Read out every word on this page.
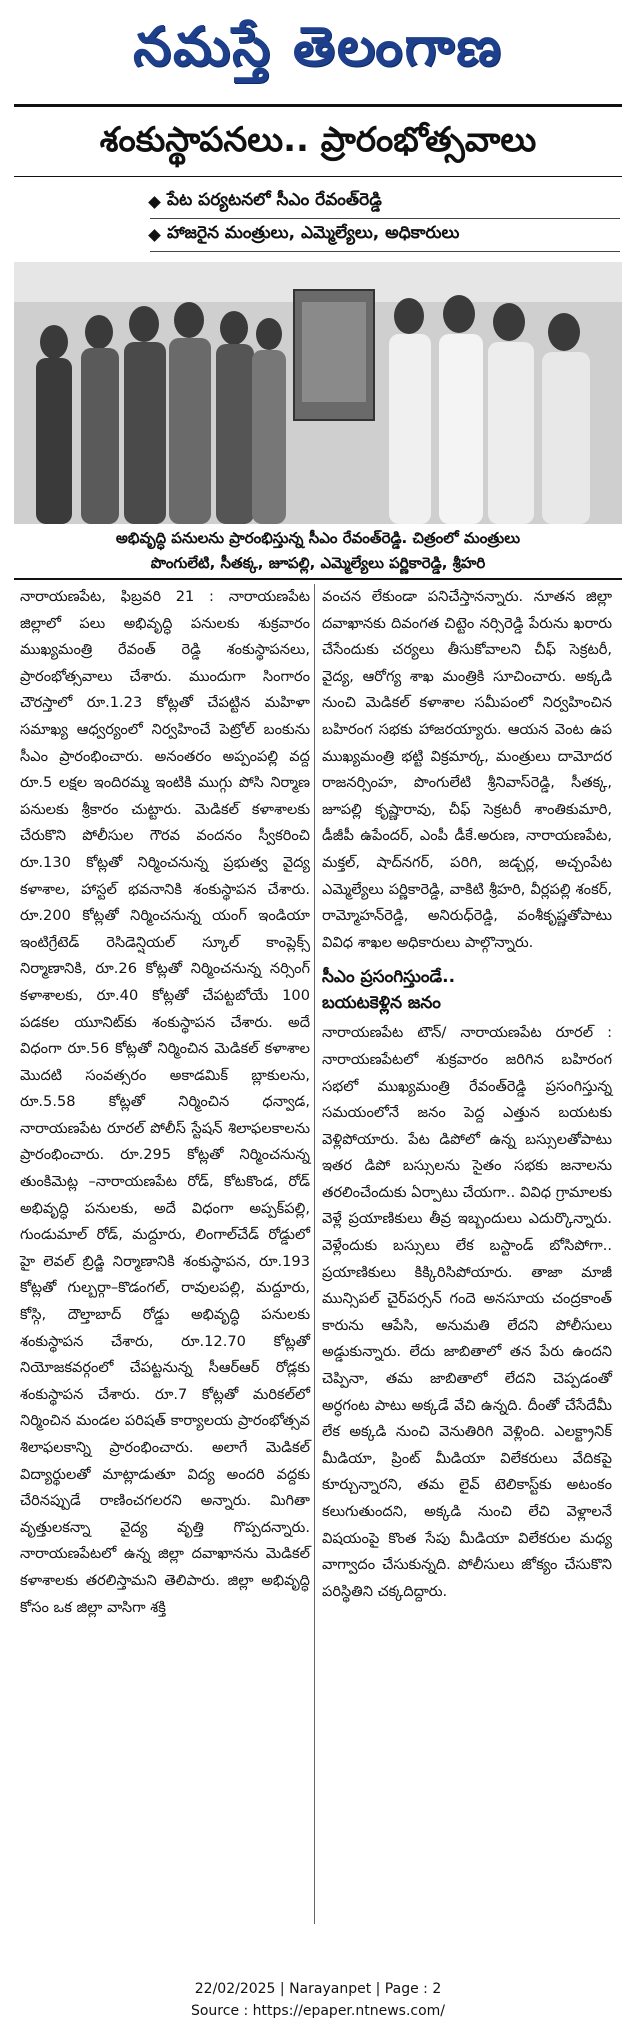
నమస్తే తెలంగాణ
శంకుస్థాపనలు.. ప్రారంభోత్సవాలు
పేట పర్యటనలో సీఎం రేవంత్‌రెడ్డి
హాజరైన మంత్రులు, ఎమ్మెల్యేలు, అధికారులు
అభివృద్ధి పనులను ప్రారంభిస్తున్న సీఎం రేవంత్‌రెడ్డి. చిత్రంలో మంత్రులు
పొంగులేటి, సీతక్క, జూపల్లి, ఎమ్మెల్యేలు పర్ణికారెడ్డి, శ్రీహరి

నారాయణపేట, ఫిబ్రవరి 21 : నారాయణపేట జిల్లాలో పలు అభివృద్ధి పనులకు శుక్రవారం ముఖ్యమంత్రి రేవంత్ రెడ్డి శంకుస్థాపనలు, ప్రారంభోత్సవాలు చేశారు. ముందుగా సింగారం చౌరస్తాలో రూ.1.23 కోట్లతో చేపట్టిన మహిళా సమాఖ్య ఆధ్వర్యంలో నిర్వహించే పెట్రోల్ బంకును సీఎం ప్రారంభించారు. అనంతరం అప్పంపల్లి వద్ద రూ.5 లక్షల ఇందిరమ్మ ఇంటికి ముగ్గు పోసి నిర్మాణ పనులకు శ్రీకారం చుట్టారు. మెడికల్ కళాశాలకు చేరుకొని పోలీసుల గౌరవ వందనం స్వీకరించి రూ.130 కోట్లతో నిర్మించనున్న ప్రభుత్వ వైద్య కళాశాల, హాస్టల్ భవనానికి శంకుస్థాపన చేశారు. రూ.200 కోట్లతో నిర్మించనున్న యంగ్ ఇండియా ఇంటిగ్రేటెడ్ రెసిడెన్షియల్ స్కూల్ కాంప్లెక్స్ నిర్మాణానికి, రూ.26 కోట్లతో నిర్మించనున్న నర్సింగ్ కళాశాలకు, రూ.40 కోట్లతో చేపట్టబోయే 100 పడకల యూనిట్‌కు శంకుస్థాపన చేశారు. అదే విధంగా రూ.56 కోట్లతో నిర్మించిన మెడికల్ కళాశాల మొదటి సంవత్సరం అకాడమిక్ బ్లాకులను, రూ.5.58 కోట్లతో నిర్మించిన ధన్వాడ, నారాయణపేట రూరల్ పోలీస్ స్టేషన్ శిలాఫలకాలను ప్రారంభించారు. రూ.295 కోట్లతో నిర్మించనున్న తుంకిమెట్ల –నారాయణపేట రోడ్, కోటకొండ, రోడ్ అభివృద్ధి పనులకు, అదే విధంగా అప్పక్‌పల్లి, గుండుమాల్ రోడ్, మద్దూరు, లింగాల్‌చేడ్ రోడ్డులో హై లెవల్ బ్రిడ్జి నిర్మాణానికి శంకుస్థాపన, రూ.193 కోట్లతో గుల్బర్గా–కొడంగల్, రావులపల్లి, మద్దూరు, కోస్గి, దౌల్తాబాద్ రోడ్డు అభివృద్ధి పనులకు శంకుస్థాపన చేశారు, రూ.12.70 కోట్లతో నియోజకవర్గంలో చేపట్టనున్న సీఆర్ఆర్ రోడ్లకు శంకుస్థాపన చేశారు. రూ.7 కోట్లతో మరికల్‌లో నిర్మించిన మండల పరిషత్ కార్యాలయ ప్రారంభోత్సవ శిలాఫలకాన్ని ప్రారంభించారు. అలాగే మెడికల్ విద్యార్థులతో మాట్లాడుతూ విద్య అందరి వద్దకు చేరినప్పుడే రాణించగలరని అన్నారు. మిగితా వృత్తులకన్నా వైద్య వృత్తి గొప్పదన్నారు. నారాయణపేటలో ఉన్న జిల్లా దవాఖానను మెడికల్ కళాశాలకు తరలిస్తామని తెలిపారు. జిల్లా అభివృద్ధి కోసం ఒక జిల్లా వాసిగా శక్తి

వంచన లేకుండా పనిచేస్తానన్నారు. నూతన జిల్లా దవాఖానకు దివంగత చిట్టెం నర్సిరెడ్డి పేరును ఖరారు చేసేందుకు చర్యలు తీసుకోవాలని చీఫ్ సెక్రటరీ, వైద్య, ఆరోగ్య శాఖ మంత్రికి సూచించారు. అక్కడి నుంచి మెడికల్ కళాశాల సమీపంలో నిర్వహించిన బహిరంగ సభకు హాజరయ్యారు. ఆయన వెంట ఉప ముఖ్యమంత్రి భట్టి విక్రమార్క, మంత్రులు దామోదర రాజనర్సింహ, పొంగులేటి శ్రీనివాస్‌రెడ్డి, సీతక్క, జూపల్లి కృష్ణారావు, చీఫ్ సెక్రటరీ శాంతికుమారి, డీజీపీ ఉపేందర్, ఎంపీ డీకే.అరుణ, నారాయణపేట, మక్తల్, షాద్‌నగర్, పరిగి, జడ్చర్ల, అచ్చంపేట ఎమ్మెల్యేలు పర్ణికారెడ్డి, వాకిటి శ్రీహరి, వీర్లపల్లి శంకర్, రామ్మోహన్‌రెడ్డి, అనిరుధ్‌రెడ్డి, వంశీకృష్ణతోపాటు వివిధ శాఖల అధికారులు పాల్గొన్నారు.

సీఎం ప్రసంగిస్తుండే..
బయటకెళ్లిన జనం

నారాయణపేట టౌన్/ నారాయణపేట రూరల్ : నారాయణపేటలో శుక్రవారం జరిగిన బహిరంగ సభలో ముఖ్యమంత్రి రేవంత్‌రెడ్డి ప్రసంగిస్తున్న సమయంలోనే జనం పెద్ద ఎత్తున బయటకు వెళ్లిపోయారు. పేట డిపోలో ఉన్న బస్సులతోపాటు ఇతర డిపో బస్సులను సైతం సభకు జనాలను తరలించేందుకు ఏర్పాటు చేయగా.. వివిధ గ్రామాలకు వెళ్లే ప్రయాణికులు తీవ్ర ఇబ్బందులు ఎదుర్కొన్నారు. వెళ్లేందుకు బస్సులు లేక బస్టాండ్ బోసిపోగా.. ప్రయాణికులు కిక్కిరిసిపోయారు. తాజా మాజీ మున్సిపల్ చైర్‌పర్సన్ గందె అనసూయ చంద్రకాంత్ కారును ఆపేసి, అనుమతి లేదని పోలీసులు అడ్డుకున్నారు. లేదు జాబితాలో తన పేరు ఉందని చెప్పినా, తమ జాబితాలో లేదని చెప్పడంతో అర్ధగంట పాటు అక్కడే వేచి ఉన్నది. దీంతో చేసేదేమీ లేక అక్కడి నుంచి వెనుతిరిగి వెళ్లింది. ఎలక్ట్రానిక్ మీడియా, ప్రింట్ మీడియా విలేకరులు వేదికపై కూర్చున్నారని, తమ లైవ్ టెలికాస్ట్‌కు అటంకం కలుగుతుందని, అక్కడి నుంచి లేచి వెళ్లాలనే విషయంపై కొంత సేపు మీడియా విలేకరుల మధ్య వాగ్వాదం చేసుకున్నది. పోలీసులు జోక్యం చేసుకొని పరిస్థితిని చక్కదిద్దారు.

22/02/2025 | Narayanpet | Page : 2
Source : https://epaper.ntnews.com/
